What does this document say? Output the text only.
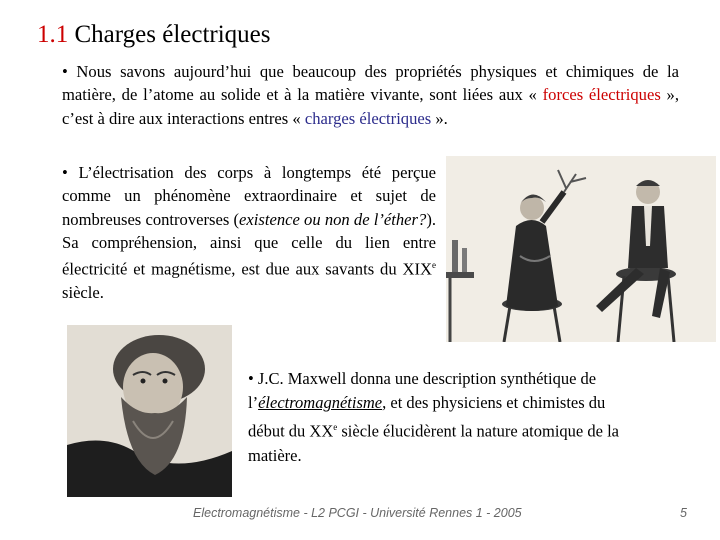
1.1 Charges électriques

• Nous savons aujourd’hui que beaucoup des propriétés physiques et chimiques de la matière, de l’atome au solide et à la matière vivante, sont liées aux « forces électriques », c’est à dire aux interactions entres « charges électriques ».

• L’électrisation des corps à longtemps été perçue comme un phénomène extraordinaire et sujet de nombreuses controverses (existence ou non de l’éther?). Sa compréhension, ainsi que celle du lien entre électricité et magnétisme, est due aux savants du XIXe siècle.

• J.C. Maxwell donna une description synthétique de l’électromagnétisme, et des physiciens et chimistes du début du XXe siècle élucidèrent la nature atomique de la matière.

Electromagnétisme - L2 PCGI - Université Rennes 1 - 2005	5
